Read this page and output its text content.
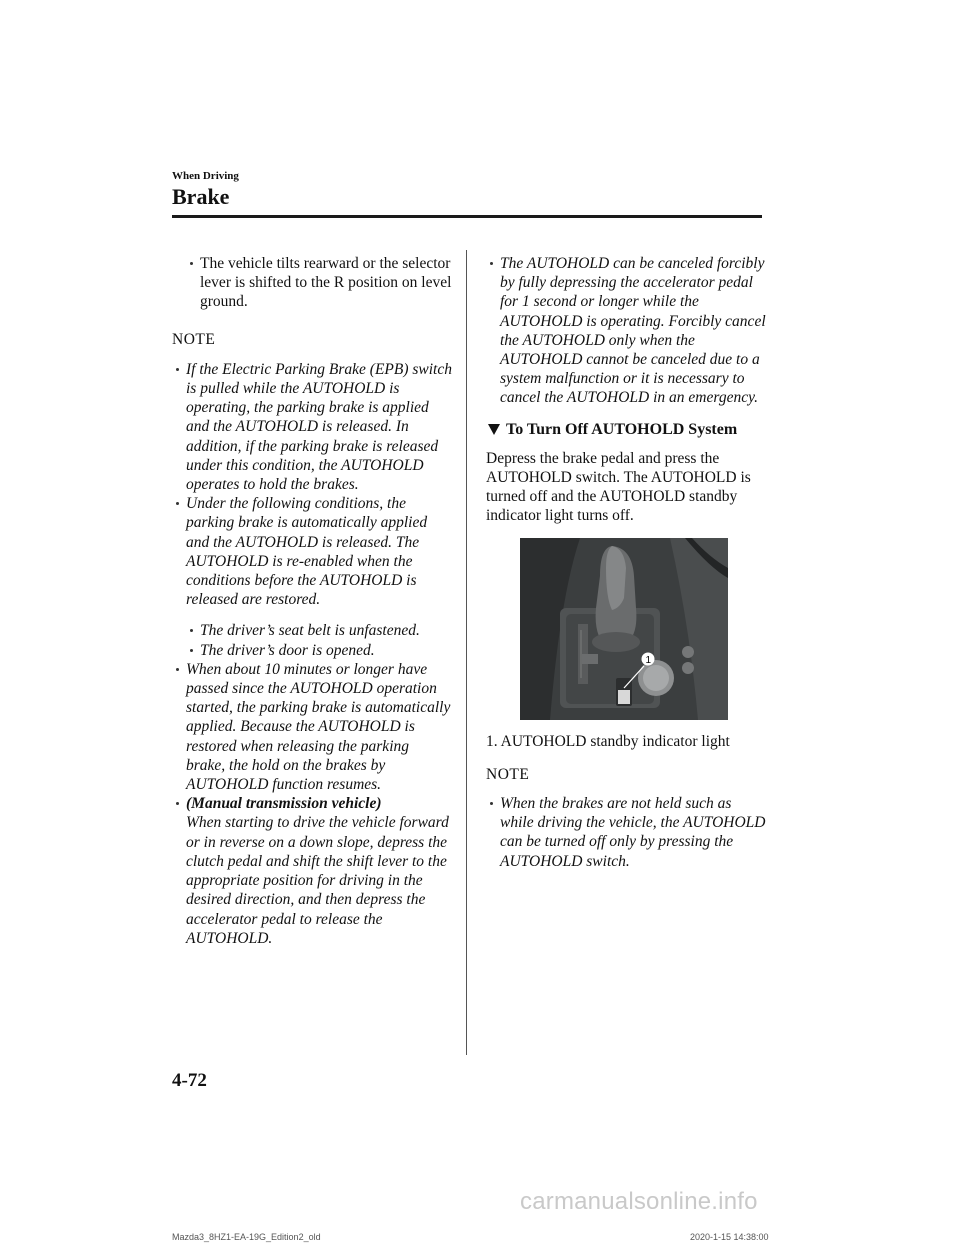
When Driving
Brake
The vehicle tilts rearward or the selector lever is shifted to the R position on level ground.
NOTE
If the Electric Parking Brake (EPB) switch is pulled while the AUTOHOLD is operating, the parking brake is applied and the AUTOHOLD is released. In addition, if the parking brake is released under this condition, the AUTOHOLD operates to hold the brakes.
Under the following conditions, the parking brake is automatically applied and the AUTOHOLD is released. The AUTOHOLD is re-enabled when the conditions before the AUTOHOLD is released are restored.
The driver’s seat belt is unfastened.
The driver’s door is opened.
When about 10 minutes or longer have passed since the AUTOHOLD operation started, the parking brake is automatically applied. Because the AUTOHOLD is restored when releasing the parking brake, the hold on the brakes by AUTOHOLD function resumes.
(Manual transmission vehicle)
When starting to drive the vehicle forward or in reverse on a down slope, depress the clutch pedal and shift the shift lever to the appropriate position for driving in the desired direction, and then depress the accelerator pedal to release the AUTOHOLD.
The AUTOHOLD can be canceled forcibly by fully depressing the accelerator pedal for 1 second or longer while the AUTOHOLD is operating. Forcibly cancel the AUTOHOLD only when the AUTOHOLD cannot be canceled due to a system malfunction or it is necessary to cancel the AUTOHOLD in an emergency.
To Turn Off AUTOHOLD System

Depress the brake pedal and press the AUTOHOLD switch. The AUTOHOLD is turned off and the AUTOHOLD standby indicator light turns off.

1

1. AUTOHOLD standby indicator light

NOTE
When the brakes are not held such as while driving the vehicle, the AUTOHOLD can be turned off only by pressing the AUTOHOLD switch.
4-72
carmanualsonline.info
Mazda3_8HZ1-EA-19G_Edition2_old	2020-1-15 14:38:00
